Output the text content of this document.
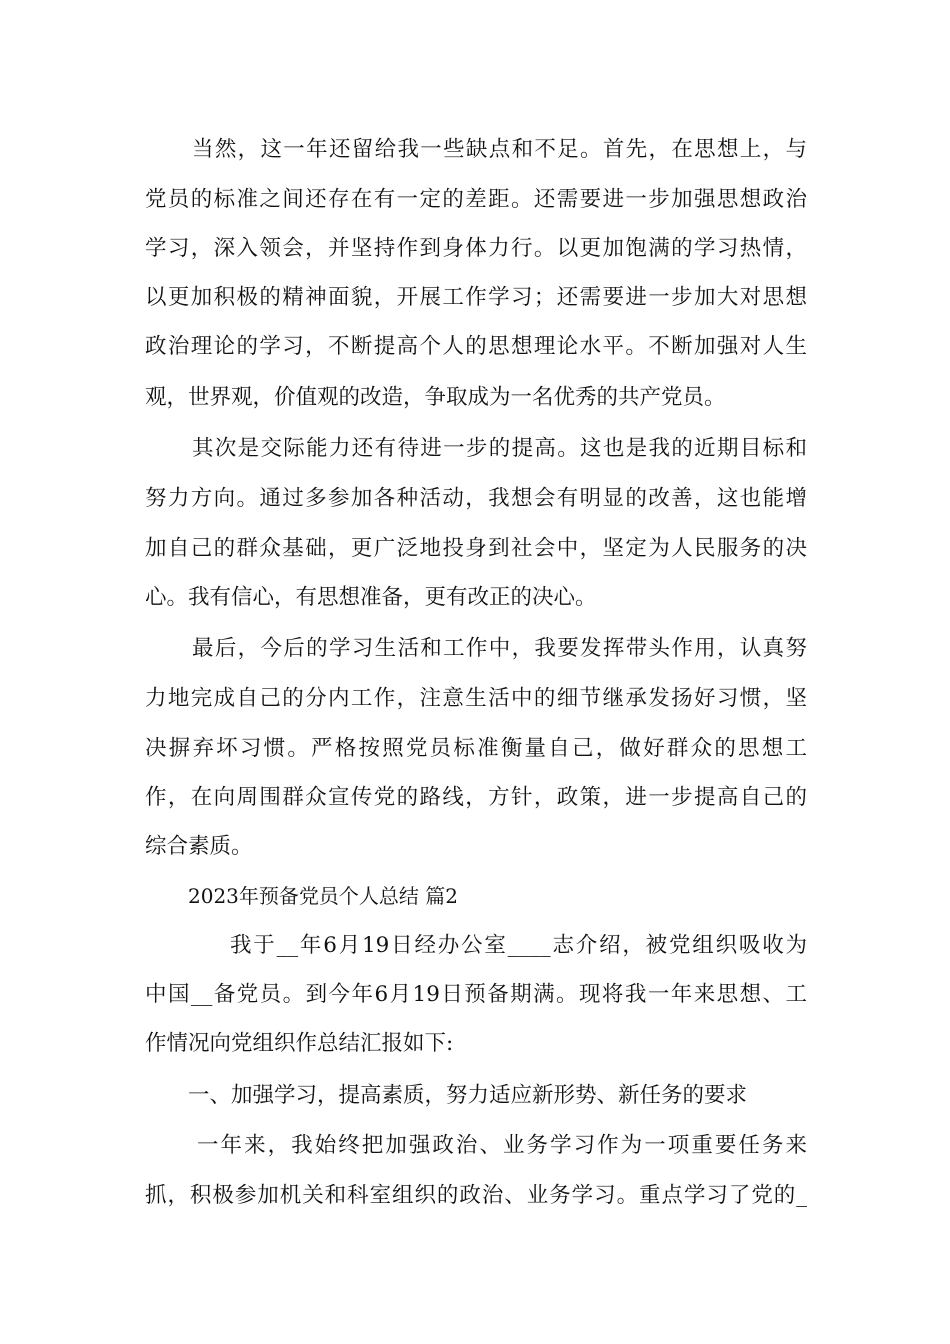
当然，这一年还留给我一些缺点和不足。首先，在思想上，与
党员的标准之间还存在有一定的差距。还需要进一步加强思想政治
学习，深入领会，并坚持作到身体力行。以更加饱满的学习热情，
以更加积极的精神面貌，开展工作学习；还需要进一步加大对思想
政治理论的学习，不断提高个人的思想理论水平。不断加强对人生
观，世界观，价值观的改造，争取成为一名优秀的共产党员。
其次是交际能力还有待进一步的提高。这也是我的近期目标和
努力方向。通过多参加各种活动，我想会有明显的改善，这也能增
加自己的群众基础，更广泛地投身到社会中，坚定为人民服务的决
心。我有信心，有思想准备，更有改正的决心。
最后，今后的学习生活和工作中，我要发挥带头作用，认真努
力地完成自己的分内工作，注意生活中的细节继承发扬好习惯，坚
决摒弃坏习惯。严格按照党员标准衡量自己，做好群众的思想工
作，在向周围群众宣传党的路线，方针，政策，进一步提高自己的
综合素质。
2023年预备党员个人总结 篇2
我于__年6月19日经办公室____志介绍，被党组织吸收为
中国__备党员。到今年6月19日预备期满。现将我一年来思想、工
作情况向党组织作总结汇报如下:
一、加强学习，提高素质，努力适应新形势、新任务的要求
一年来，我始终把加强政治、业务学习作为一项重要任务来
抓，积极参加机关和科室组织的政治、业务学习。重点学习了党的_
